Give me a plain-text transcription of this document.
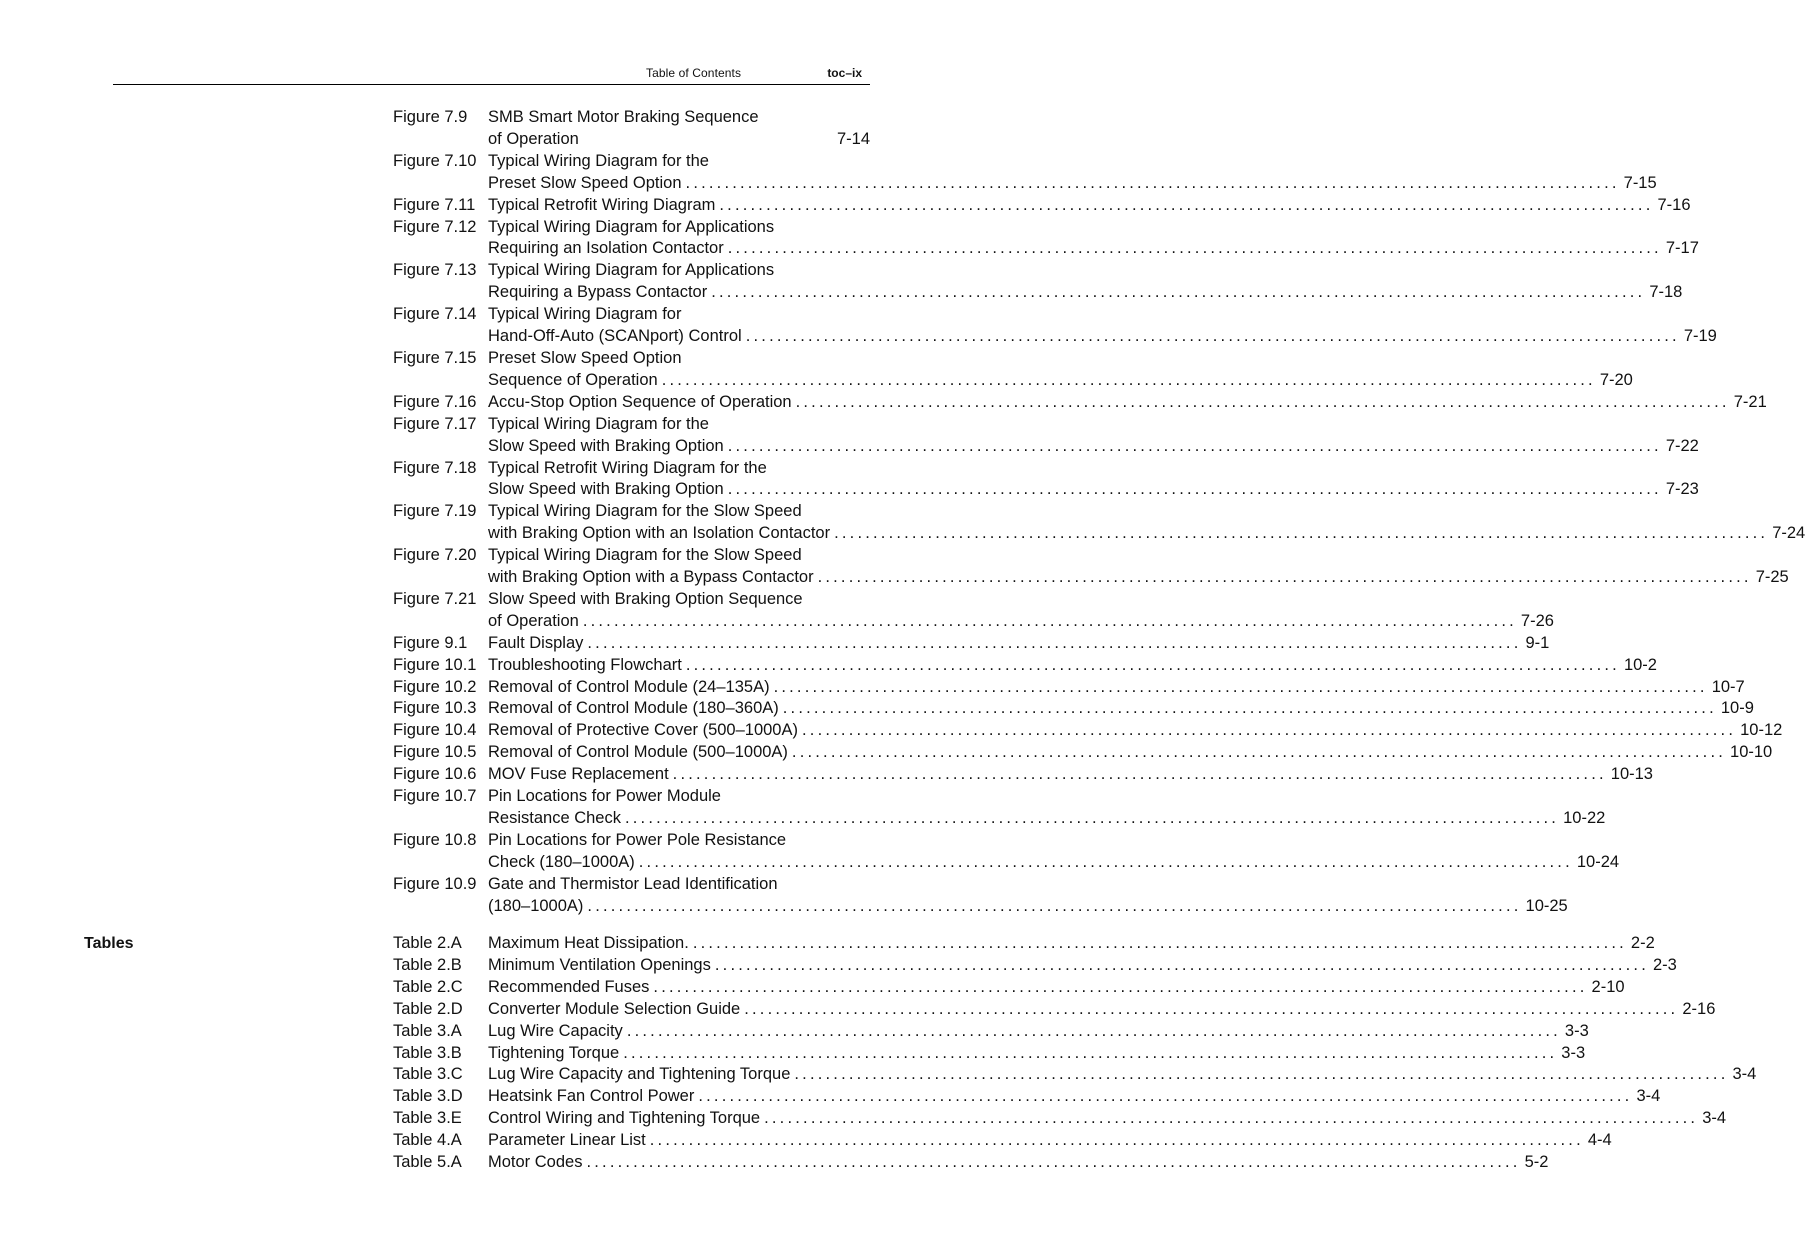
Table of Contents	toc–ix
Figure 7.9	SMB Smart Motor Braking Sequence
of Operation	7-14
Figure 7.10 Typical Wiring Diagram for the
Preset Slow Speed Option ........................................................................................................................ 7-15
Figure 7.11 Typical Retrofit Wiring Diagram ........................................................................................................................ 7-16
Figure 7.12 Typical Wiring Diagram for Applications
Requiring an Isolation Contactor ........................................................................................................................ 7-17
Figure 7.13 Typical Wiring Diagram for Applications
Requiring a Bypass Contactor ........................................................................................................................ 7-18
Figure 7.14 Typical Wiring Diagram for
Hand-Off-Auto (SCANport) Control ........................................................................................................................ 7-19
Figure 7.15 Preset Slow Speed Option
Sequence of Operation ........................................................................................................................ 7-20
Figure 7.16 Accu-Stop Option Sequence of Operation ........................................................................................................................ 7-21
Figure 7.17 Typical Wiring Diagram for the
Slow Speed with Braking Option ........................................................................................................................ 7-22
Figure 7.18 Typical Retrofit Wiring Diagram for the
Slow Speed with Braking Option ........................................................................................................................ 7-23
Figure 7.19 Typical Wiring Diagram for the Slow Speed
with Braking Option with an Isolation Contactor ........................................................................................................................ 7-24
Figure 7.20 Typical Wiring Diagram for the Slow Speed
with Braking Option with a Bypass Contactor ........................................................................................................................ 7-25
Figure 7.21 Slow Speed with Braking Option Sequence
of Operation ........................................................................................................................ 7-26
Figure 9.1	Fault Display ........................................................................................................................ 9-1
Figure 10.1 Troubleshooting Flowchart ........................................................................................................................ 10-2
Figure 10.2 Removal of Control Module (24–135A) ........................................................................................................................ 10-7
Figure 10.3 Removal of Control Module (180–360A) ........................................................................................................................ 10-9
Figure 10.4 Removal of Protective Cover (500–1000A) ........................................................................................................................ 10-12
Figure 10.5 Removal of Control Module (500–1000A) ........................................................................................................................ 10-10
Figure 10.6 MOV Fuse Replacement ........................................................................................................................ 10-13
Figure 10.7 Pin Locations for Power Module
Resistance Check ........................................................................................................................ 10-22
Figure 10.8 Pin Locations for Power Pole Resistance
Check (180–1000A) ........................................................................................................................ 10-24
Figure 10.9 Gate and Thermistor Lead Identification
(180–1000A) ........................................................................................................................ 10-25
Tables	Table 2.A	Maximum Heat Dissipation. ........................................................................................................................ 2-2
Table 2.B	Minimum Ventilation Openings ........................................................................................................................ 2-3
Table 2.C	Recommended Fuses ........................................................................................................................ 2-10
Table 2.D	Converter Module Selection Guide ........................................................................................................................ 2-16
Table 3.A	Lug Wire Capacity ........................................................................................................................ 3-3
Table 3.B	Tightening Torque ........................................................................................................................ 3-3
Table 3.C	Lug Wire Capacity and Tightening Torque ........................................................................................................................ 3-4
Table 3.D	Heatsink Fan Control Power ........................................................................................................................ 3-4
Table 3.E	Control Wiring and Tightening Torque ........................................................................................................................ 3-4
Table 4.A	Parameter Linear List ........................................................................................................................ 4-4
Table 5.A	Motor Codes ........................................................................................................................ 5-2
